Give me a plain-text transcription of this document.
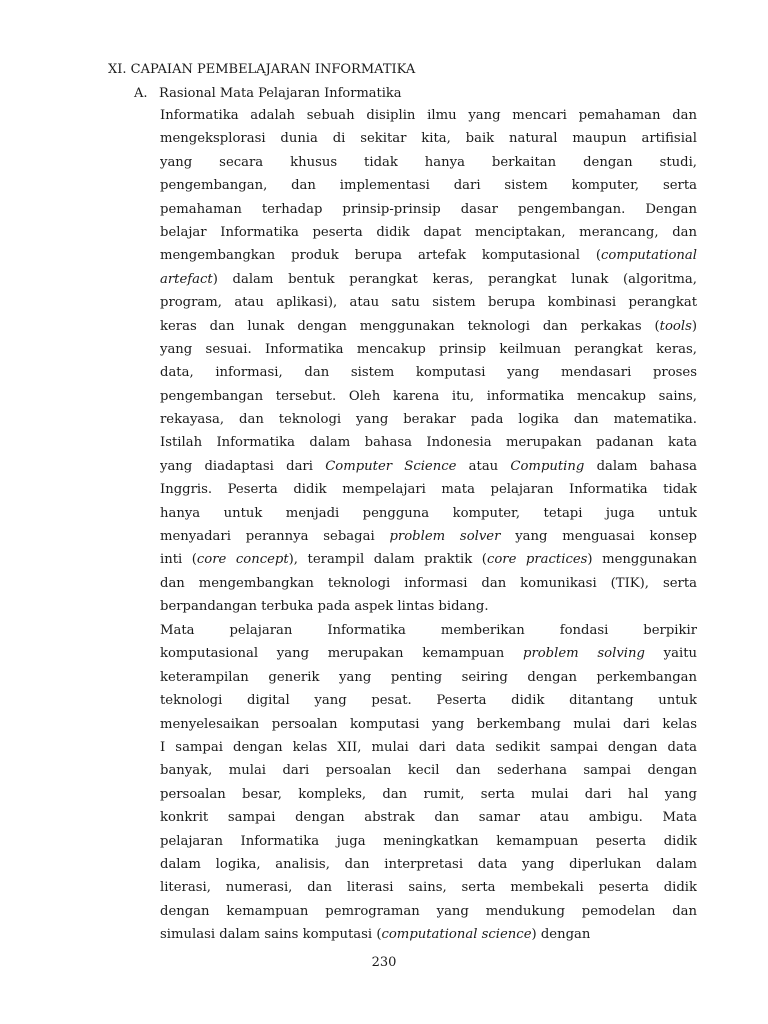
XI. CAPAIAN PEMBELAJARAN INFORMATIKA
A. Rasional Mata Pelajaran Informatika
Informatika adalah sebuah disiplin ilmu yang mencari pemahaman dan
mengeksplorasi dunia di sekitar kita, baik natural maupun artifisial
yang secara khusus tidak hanya berkaitan dengan studi,
pengembangan, dan implementasi dari sistem komputer, serta
pemahaman terhadap prinsip-prinsip dasar pengembangan. Dengan
belajar Informatika peserta didik dapat menciptakan, merancang, dan
mengembangkan produk berupa artefak komputasional (computational
artefact) dalam bentuk perangkat keras, perangkat lunak (algoritma,
program, atau aplikasi), atau satu sistem berupa kombinasi perangkat
keras dan lunak dengan menggunakan teknologi dan perkakas (tools)
yang sesuai. Informatika mencakup prinsip keilmuan perangkat keras,
data, informasi, dan sistem komputasi yang mendasari proses
pengembangan tersebut. Oleh karena itu, informatika mencakup sains,
rekayasa, dan teknologi yang berakar pada logika dan matematika.
Istilah Informatika dalam bahasa Indonesia merupakan padanan kata
yang diadaptasi dari Computer Science atau Computing dalam bahasa
Inggris. Peserta didik mempelajari mata pelajaran Informatika tidak
hanya untuk menjadi pengguna komputer, tetapi juga untuk
menyadari perannya sebagai problem solver yang menguasai konsep
inti (core concept), terampil dalam praktik (core practices) menggunakan
dan mengembangkan teknologi informasi dan komunikasi (TIK), serta
berpandangan terbuka pada aspek lintas bidang.
Mata pelajaran Informatika memberikan fondasi berpikir
komputasional yang merupakan kemampuan problem solving yaitu
keterampilan generik yang penting seiring dengan perkembangan
teknologi digital yang pesat. Peserta didik ditantang untuk
menyelesaikan persoalan komputasi yang berkembang mulai dari kelas
I sampai dengan kelas XII, mulai dari data sedikit sampai dengan data
banyak, mulai dari persoalan kecil dan sederhana sampai dengan
persoalan besar, kompleks, dan rumit, serta mulai dari hal yang
konkrit sampai dengan abstrak dan samar atau ambigu. Mata
pelajaran Informatika juga meningkatkan kemampuan peserta didik
dalam logika, analisis, dan interpretasi data yang diperlukan dalam
literasi, numerasi, dan literasi sains, serta membekali peserta didik
dengan kemampuan pemrograman yang mendukung pemodelan dan
simulasi dalam sains komputasi (computational science) dengan
230
